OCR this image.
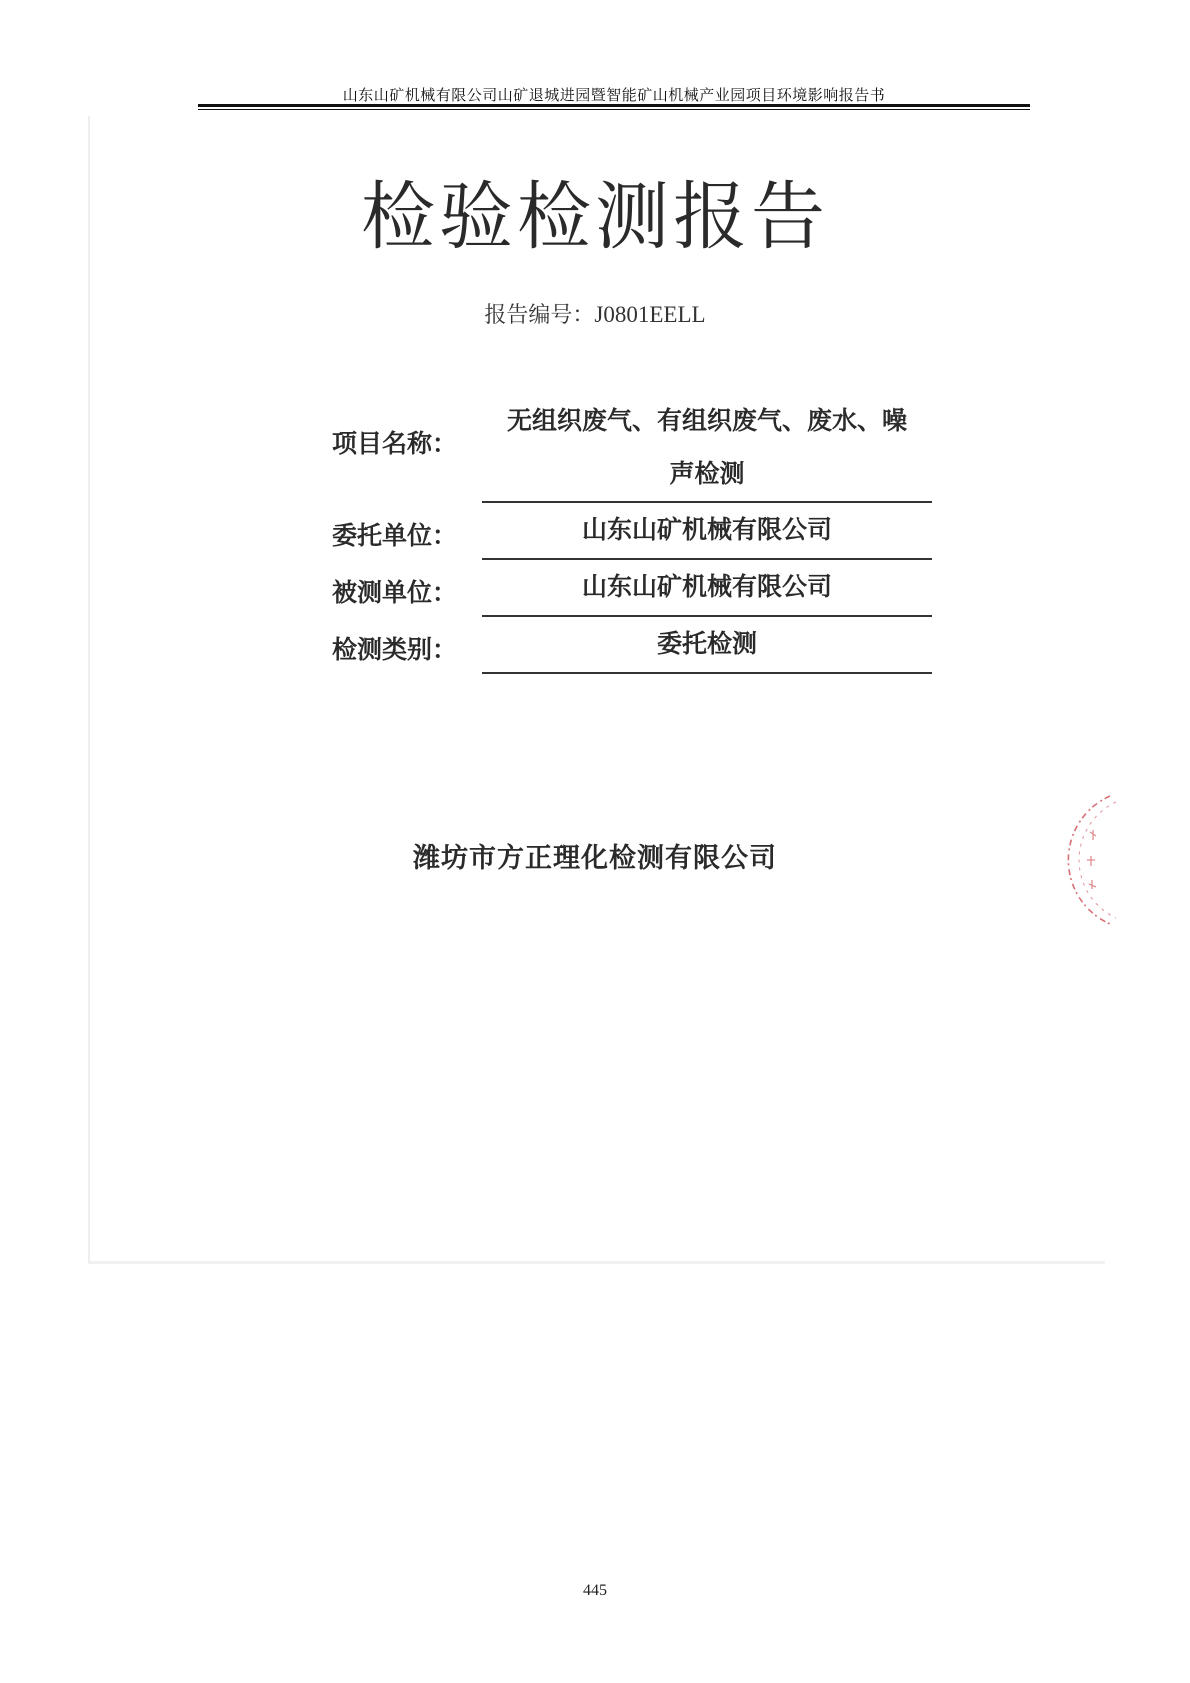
山东山矿机械有限公司山矿退城进园暨智能矿山机械产业园项目环境影响报告书
检验检测报告
报告编号：J0801EELL
项目名称：
无组织废气、有组织废气、废水、噪
声检测
委托单位：	山东山矿机械有限公司
被测单位：	山东山矿机械有限公司
检测类别：	委托检测
潍坊市方正理化检测有限公司
445
